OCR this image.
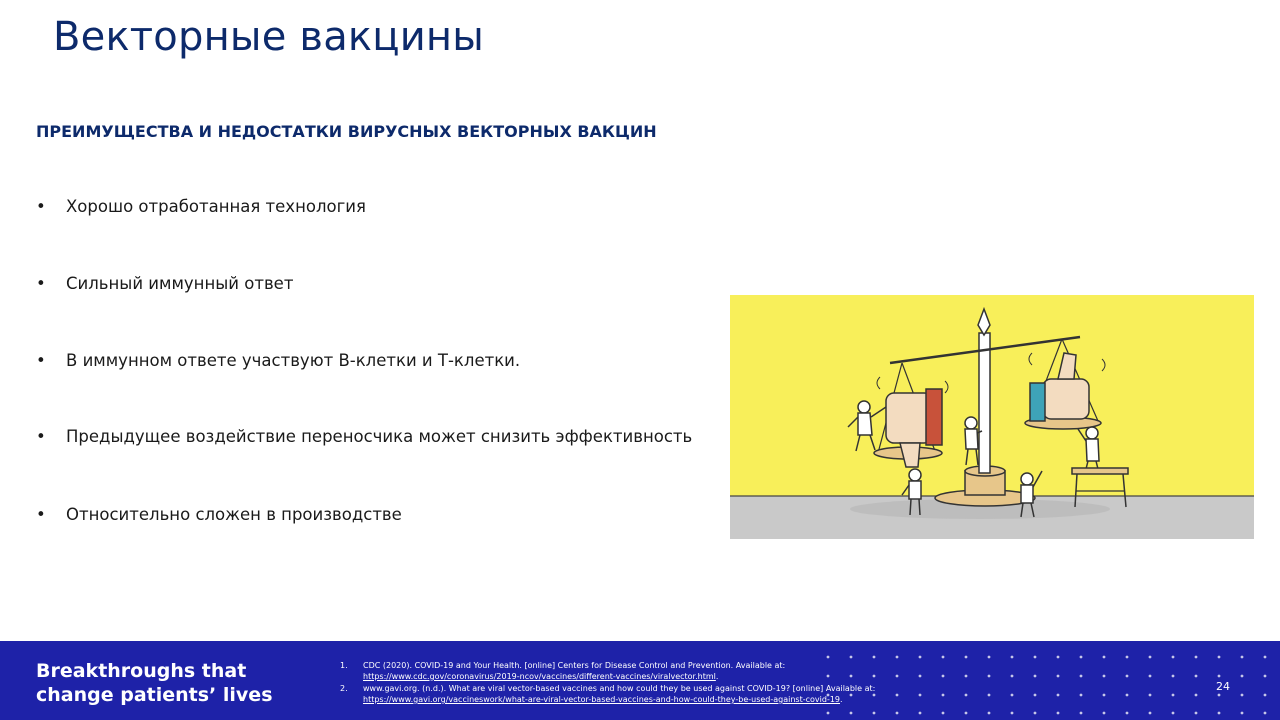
Векторные вакцины
ПРЕИМУЩЕСТВА И НЕДОСТАТКИ ВИРУСНЫХ ВЕКТОРНЫХ ВАКЦИН
• Хорошо отработанная технология
• Сильный иммунный ответ
• В иммунном ответе участвуют В-клетки и Т-клетки.
• Предыдущее воздействие переносчика может снизить эффективность
• Относительно сложен в производстве
Breakthroughs that
change patients’ lives
1. CDC (2020). COVID-19 and Your Health. [online] Centers for Disease Control and Prevention. Available at:
https://www.cdc.gov/coronavirus/2019-ncov/vaccines/different-vaccines/viralvector.html.
2. www.gavi.org. (n.d.). What are viral vector-based vaccines and how could they be used against COVID-19? [online] Available at:
https://www.gavi.org/vaccineswork/what-are-viral-vector-based-vaccines-and-how-could-they-be-used-against-covid-19.
24
